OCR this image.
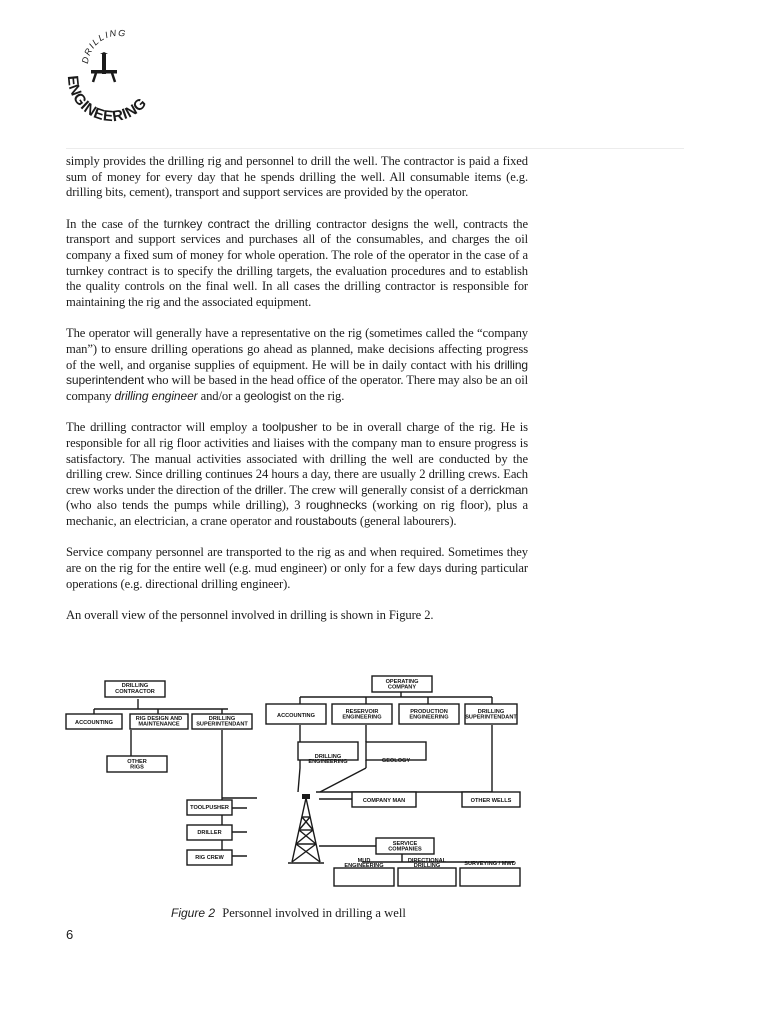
DRILLING
ENGINEERING

simply provides the drilling rig and personnel to drill the well. The contractor is paid a fixed sum of money for every day that he spends drilling the well. All consumable items (e.g. drilling bits, cement), transport and support services are provided by the operator.

In the case of the turnkey contract the drilling contractor designs the well, contracts the transport and support services and purchases all of the consumables, and charges the oil company a fixed sum of money for whole operation. The role of the operator in the case of a turnkey contract is to specify the drilling targets, the evaluation procedures and to establish the quality controls on the final well. In all cases the drilling contractor is responsible for maintaining the rig and the associated equipment.

The operator will generally have a representative on the rig (sometimes called the “company man”) to ensure drilling operations go ahead as planned, make decisions affecting progress of the well, and organise supplies of equipment. He will be in daily contact with his drilling superintendent who will be based in the head office of the operator. There may also be an oil company drilling engineer and/or a geologist on the rig.

The drilling contractor will employ a toolpusher to be in overall charge of the rig. He is responsible for all rig floor activities and liaises with the company man to ensure progress is satisfactory. The manual activities associated with drilling the well are conducted by the drilling crew. Since drilling continues 24 hours a day, there are usually 2 drilling crews. Each crew works under the direction of the driller. The crew will generally consist of a derrickman (who also tends the pumps while drilling), 3 roughnecks (working on rig floor), plus a mechanic, an electrician, a crane operator and roustabouts (general labourers).

Service company personnel are transported to the rig as and when required. Sometimes they are on the rig for the entire well (e.g. mud engineer) or only for a few days during particular operations (e.g. directional drilling engineer).

An overall view of the personnel involved in drilling is shown in Figure 2.

DRILLING CONTRACTOR
ACCOUNTING
RIG DESIGN AND MAINTENANCE
DRILLING SUPERINTENDANT
OTHER RIGS
TOOLPUSHER
DRILLER
RIG CREW
OPERATING COMPANY
ACCOUNTING
RESERVOIR ENGINEERING
PRODUCTION ENGINEERING
DRILLING SUPERINTENDANT
DRILLING ENGINEERING	GEOLOGY
COMPANY MAN	OTHER WELLS
SERVICE COMPANIES
MUD ENGINEERING
DIRECTIONAL DRILLING	SURVEYING / MWD
Figure 2 Personnel involved in drilling a well
6
